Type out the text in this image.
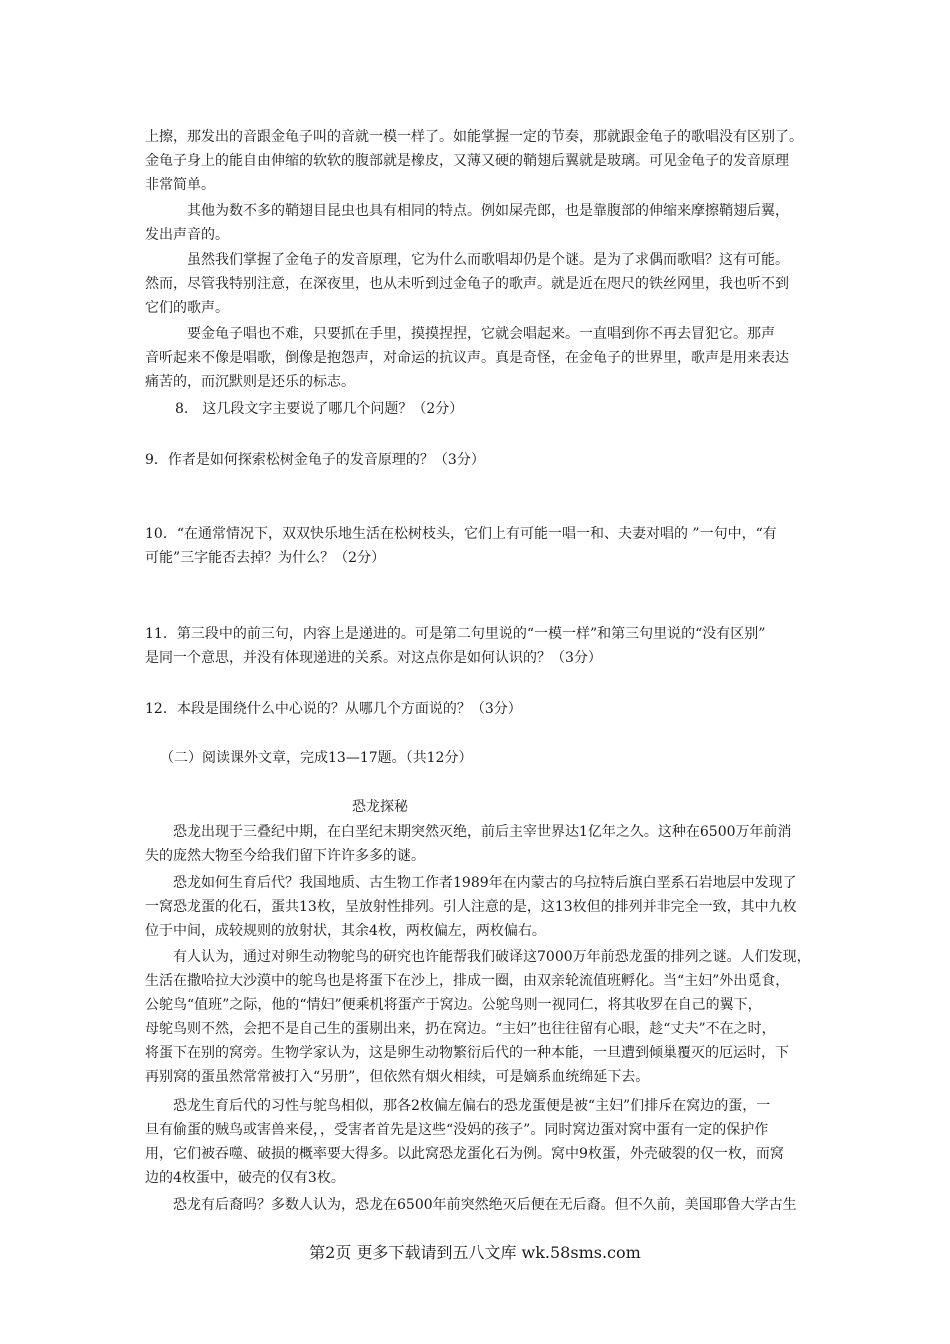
上擦，那发出的音跟金龟子叫的音就一模一样了。如能掌握一定的节奏，那就跟金龟子的歌唱没有区别了。
金龟子身上的能自由伸缩的软软的腹部就是橡皮，又薄又硬的鞘翅后翼就是玻璃。可见金龟子的发音原理
非常简单。
　　　其他为数不多的鞘翅目昆虫也具有相同的特点。例如屎壳郎，也是靠腹部的伸缩来摩擦鞘翅后翼，
发出声音的。
　　　虽然我们掌握了金龟子的发音原理，它为什么而歌唱却仍是个谜。是为了求偶而歌唱？这有可能。
然而，尽管我特别注意，在深夜里，也从未听到过金龟子的歌声。就是近在咫尺的铁丝网里，我也听不到
它们的歌声。
　　　要金龟子唱也不难，只要抓在手里，摸摸捏捏，它就会唱起来。一直唱到你不再去冒犯它。那声
音听起来不像是唱歌，倒像是抱怨声，对命运的抗议声。真是奇怪，在金龟子的世界里，歌声是用来表达
痛苦的，而沉默则是还乐的标志。
8.　这几段文字主要说了哪几个问题？（2分）
9．作者是如何探索松树金龟子的发音原理的？（3分）
10．“在通常情况下，双双快乐地生活在松树枝头，它们上有可能一唱一和、夫妻对唱的 ”一句中，“有
可能”三字能否去掉？为什么？（2分）
11．第三段中的前三句，内容上是递进的。可是第二句里说的“一模一样”和第三句里说的“没有区别”
是同一个意思，并没有体现递进的关系。对这点你是如何认识的？（3分）
12．本段是围绕什么中心说的？从哪几个方面说的？（3分）
（二）阅读课外文章，完成13—17题。（共12分）
恐龙探秘
　　恐龙出现于三叠纪中期，在白垩纪末期突然灭绝，前后主宰世界达1亿年之久。这种在6500万年前消
失的庞然大物至今给我们留下许许多多的谜。
　　恐龙如何生育后代？我国地质、古生物工作者1989年在内蒙古的乌拉特后旗白垩系石岩地层中发现了
一窝恐龙蛋的化石，蛋共13枚，呈放射性排列。引人注意的是，这13枚但的排列并非完全一致，其中九枚
位于中间，成较规则的放射状，其余4枚，两枚偏左，两枚偏右。
　　有人认为，通过对卵生动物鸵鸟的研究也许能帮我们破译这7000万年前恐龙蛋的排列之谜。人们发现，
生活在撒哈拉大沙漠中的鸵鸟也是将蛋下在沙上，排成一圈，由双亲轮流值班孵化。当“主妇”外出觅食，
公鸵鸟“值班”之际，他的“情妇”便乘机将蛋产于窝边。公鸵鸟则一视同仁，将其收罗在自己的翼下，
母鸵鸟则不然，会把不是自己生的蛋剔出来，扔在窝边。“主妇”也往往留有心眼，趁“丈夫”不在之时，
将蛋下在别的窝旁。生物学家认为，这是卵生动物繁衍后代的一种本能，一旦遭到倾巢覆灭的厄运时，下
再别窝的蛋虽然常常被打入“另册”，但依然有烟火相续，可是嫡系血统绵延下去。
　　恐龙生育后代的习性与鸵鸟相似，那各2枚偏左偏右的恐龙蛋便是被“主妇”们排斥在窝边的蛋，一
旦有偷蛋的贼鸟或害兽来侵，，受害者首先是这些“没妈的孩子”。同时窝边蛋对窝中蛋有一定的保护作
用，它们被吞噬、破损的概率要大得多。以此窝恐龙蛋化石为例。窝中9枚蛋，外壳破裂的仅一枚，而窝
边的4枚蛋中，破壳的仅有3枚。
　　恐龙有后裔吗？多数人认为，恐龙在6500年前突然绝灭后便在无后裔。但不久前，美国耶鲁大学古生
第2页 更多下载请到五八文库 wk.58sms.com
